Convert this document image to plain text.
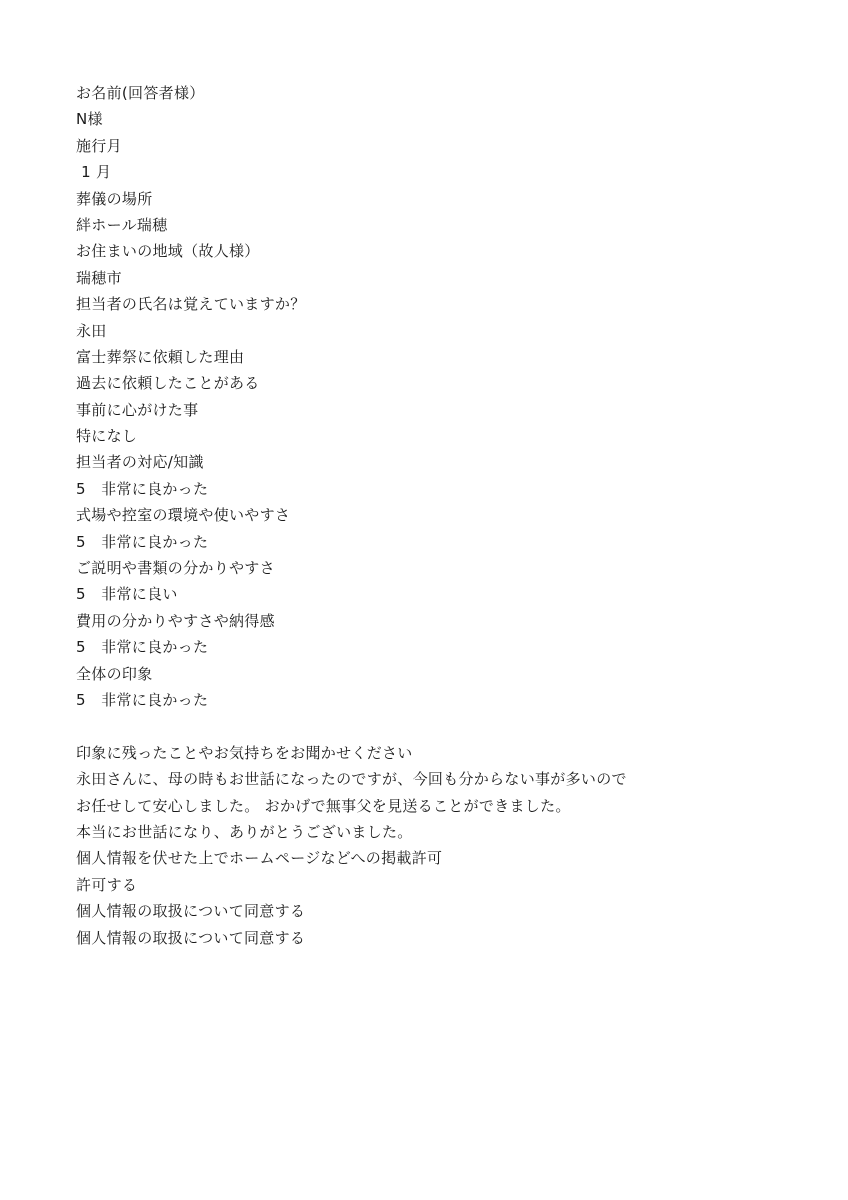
お名前(回答者様）
N様
施行月
1 月
葬儀の場所
絆ホール瑞穂
お住まいの地域（故人様）
瑞穂市
担当者の氏名は覚えていますか？
永田
富士葬祭に依頼した理由
過去に依頼したことがある
事前に心がけた事
特になし
担当者の対応/知識
5　非常に良かった
式場や控室の環境や使いやすさ
5　非常に良かった
ご説明や書類の分かりやすさ
5　非常に良い
費用の分かりやすさや納得感
5　非常に良かった
全体の印象
5　非常に良かった
印象に残ったことやお気持ちをお聞かせください
永田さんに、母の時もお世話になったのですが、今回も分からない事が多いので
お任せして安心しました。 おかげで無事父を見送ることができました。
本当にお世話になり、ありがとうございました。
個人情報を伏せた上でホームページなどへの掲載許可
許可する
個人情報の取扱について同意する
個人情報の取扱について同意する
